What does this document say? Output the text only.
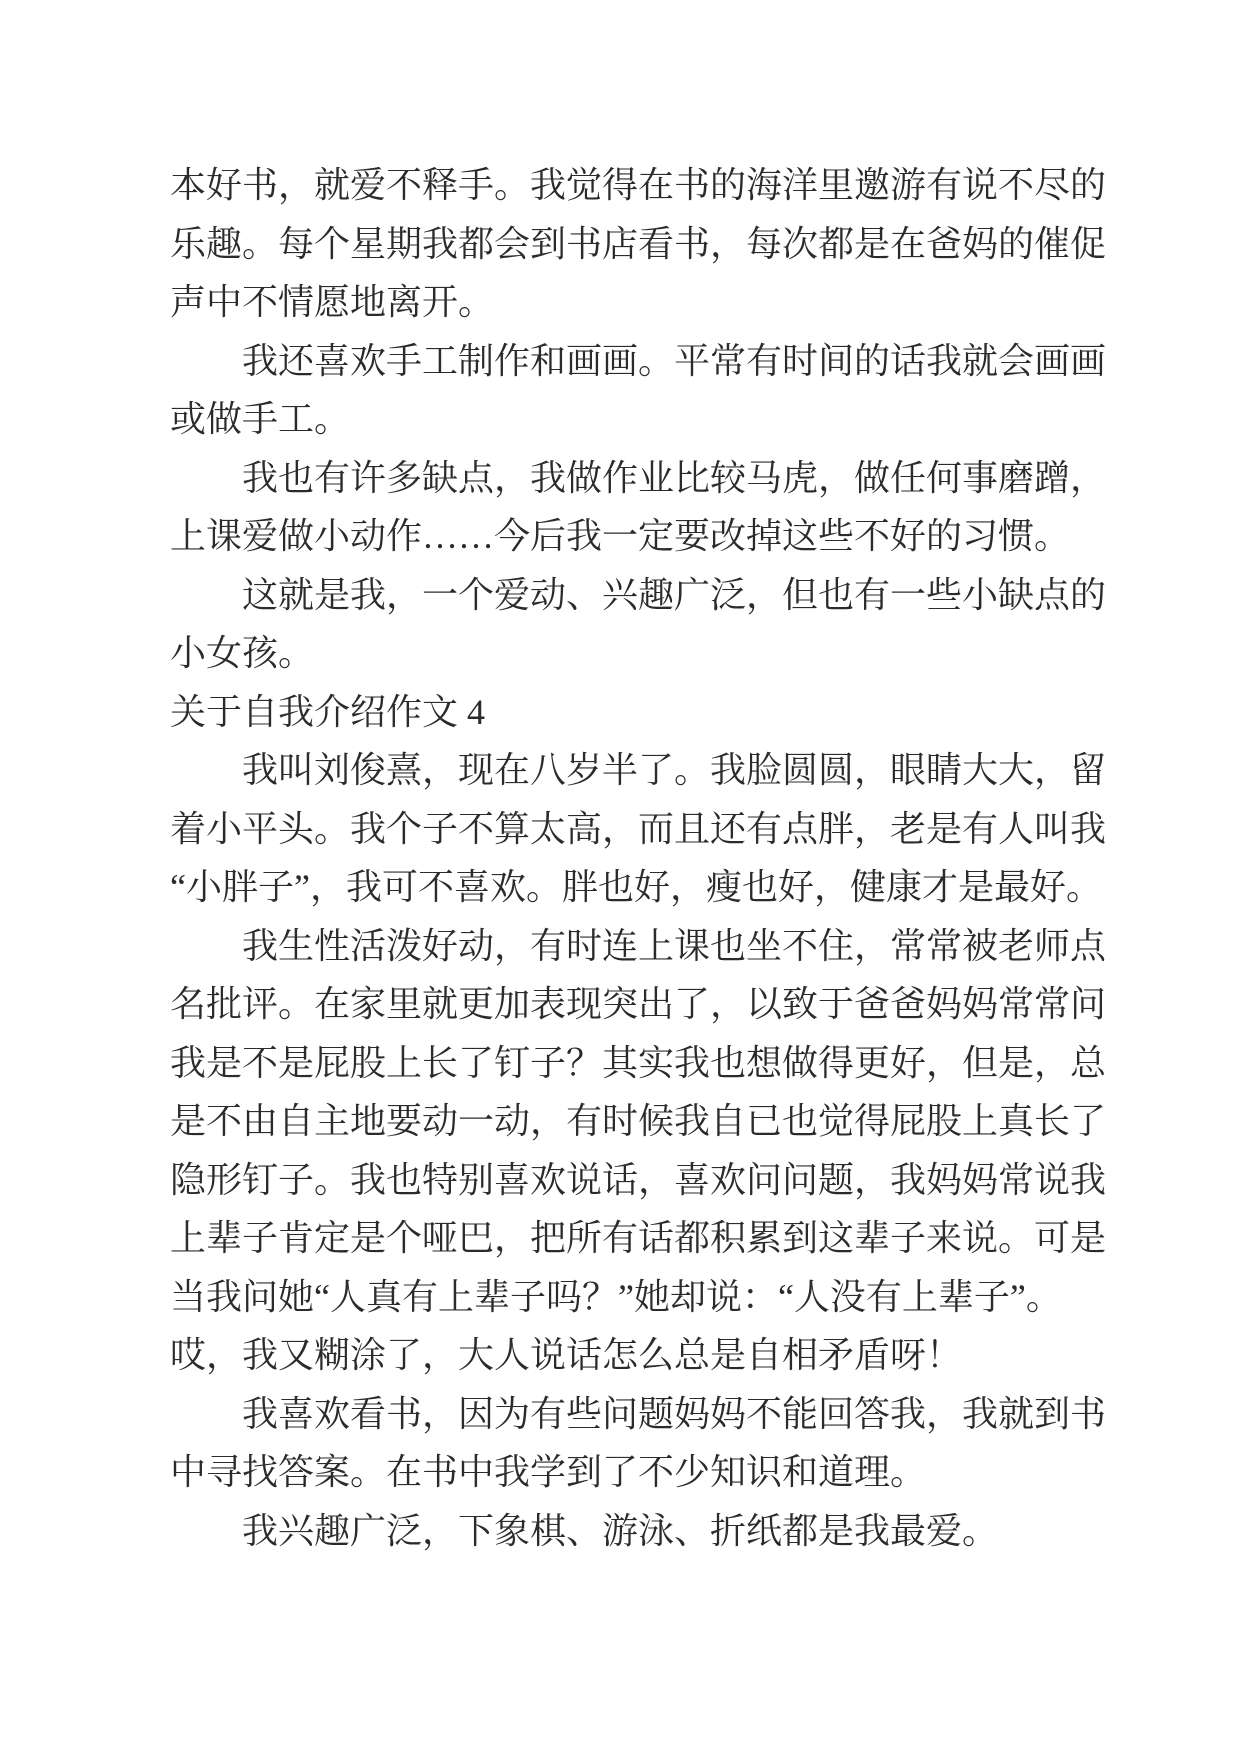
本好书，就爱不释手。我觉得在书的海洋里邀游有说不尽的
乐趣。每个星期我都会到书店看书，每次都是在爸妈的催促
声中不情愿地离开。
我还喜欢手工制作和画画。平常有时间的话我就会画画
或做手工。
我也有许多缺点，我做作业比较马虎，做任何事磨蹭，
上课爱做小动作……今后我一定要改掉这些不好的习惯。
这就是我，一个爱动、兴趣广泛，但也有一些小缺点的
小女孩。
关于自我介绍作文 4
我叫刘俊熹，现在八岁半了。我脸圆圆，眼睛大大，留
着小平头。我个子不算太高，而且还有点胖，老是有人叫我
“小胖子”，我可不喜欢。胖也好，瘦也好，健康才是最好。
我生性活泼好动，有时连上课也坐不住，常常被老师点
名批评。在家里就更加表现突出了，以致于爸爸妈妈常常问
我是不是屁股上长了钉子？其实我也想做得更好，但是，总
是不由自主地要动一动，有时候我自已也觉得屁股上真长了
隐形钉子。我也特别喜欢说话，喜欢问问题，我妈妈常说我
上辈子肯定是个哑巴，把所有话都积累到这辈子来说。可是
当我问她“人真有上辈子吗？”她却说：“人没有上辈子”。
哎，我又糊涂了，大人说话怎么总是自相矛盾呀！
我喜欢看书，因为有些问题妈妈不能回答我，我就到书
中寻找答案。在书中我学到了不少知识和道理。
我兴趣广泛，下象棋、游泳、折纸都是我最爱。
